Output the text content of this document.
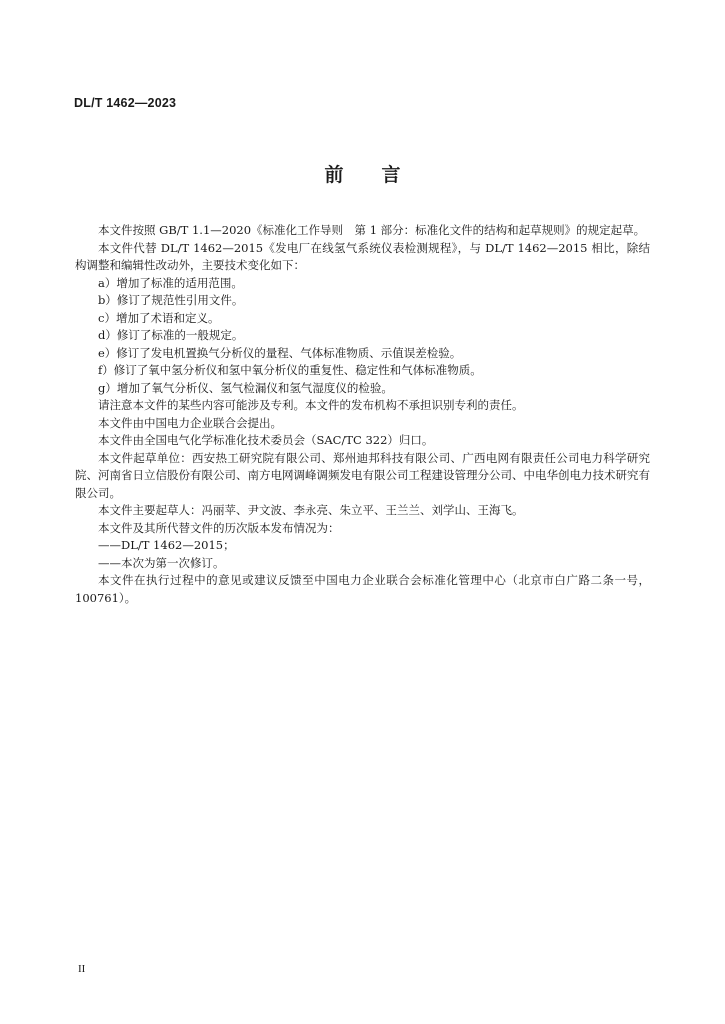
DL/T 1462—2023
前 言

本文件按照 GB/T 1.1—2020《标准化工作导则　第 1 部分：标准化文件的结构和起草规则》的规定起草。

本文件代替 DL/T 1462—2015《发电厂在线氢气系统仪表检测规程》，与 DL/T 1462—2015 相比，除结构调整和编辑性改动外，主要技术变化如下：

a）增加了标准的适用范围。

b）修订了规范性引用文件。

c）增加了术语和定义。

d）修订了标准的一般规定。

e）修订了发电机置换气分析仪的量程、气体标准物质、示值误差检验。

f）修订了氧中氢分析仪和氢中氧分析仪的重复性、稳定性和气体标准物质。

g）增加了氧气分析仪、氢气检漏仪和氢气湿度仪的检验。

请注意本文件的某些内容可能涉及专利。本文件的发布机构不承担识别专利的责任。

本文件由中国电力企业联合会提出。

本文件由全国电气化学标准化技术委员会（SAC/TC 322）归口。

本文件起草单位：西安热工研究院有限公司、郑州迪邦科技有限公司、广西电网有限责任公司电力科学研究院、河南省日立信股份有限公司、南方电网调峰调频发电有限公司工程建设管理分公司、中电华创电力技术研究有限公司。

本文件主要起草人：冯丽苹、尹文波、李永亮、朱立平、王兰兰、刘学山、王海飞。

本文件及其所代替文件的历次版本发布情况为：

——DL/T 1462—2015；

——本次为第一次修订。

本文件在执行过程中的意见或建议反馈至中国电力企业联合会标准化管理中心（北京市白广路二条一号，100761）。

II
